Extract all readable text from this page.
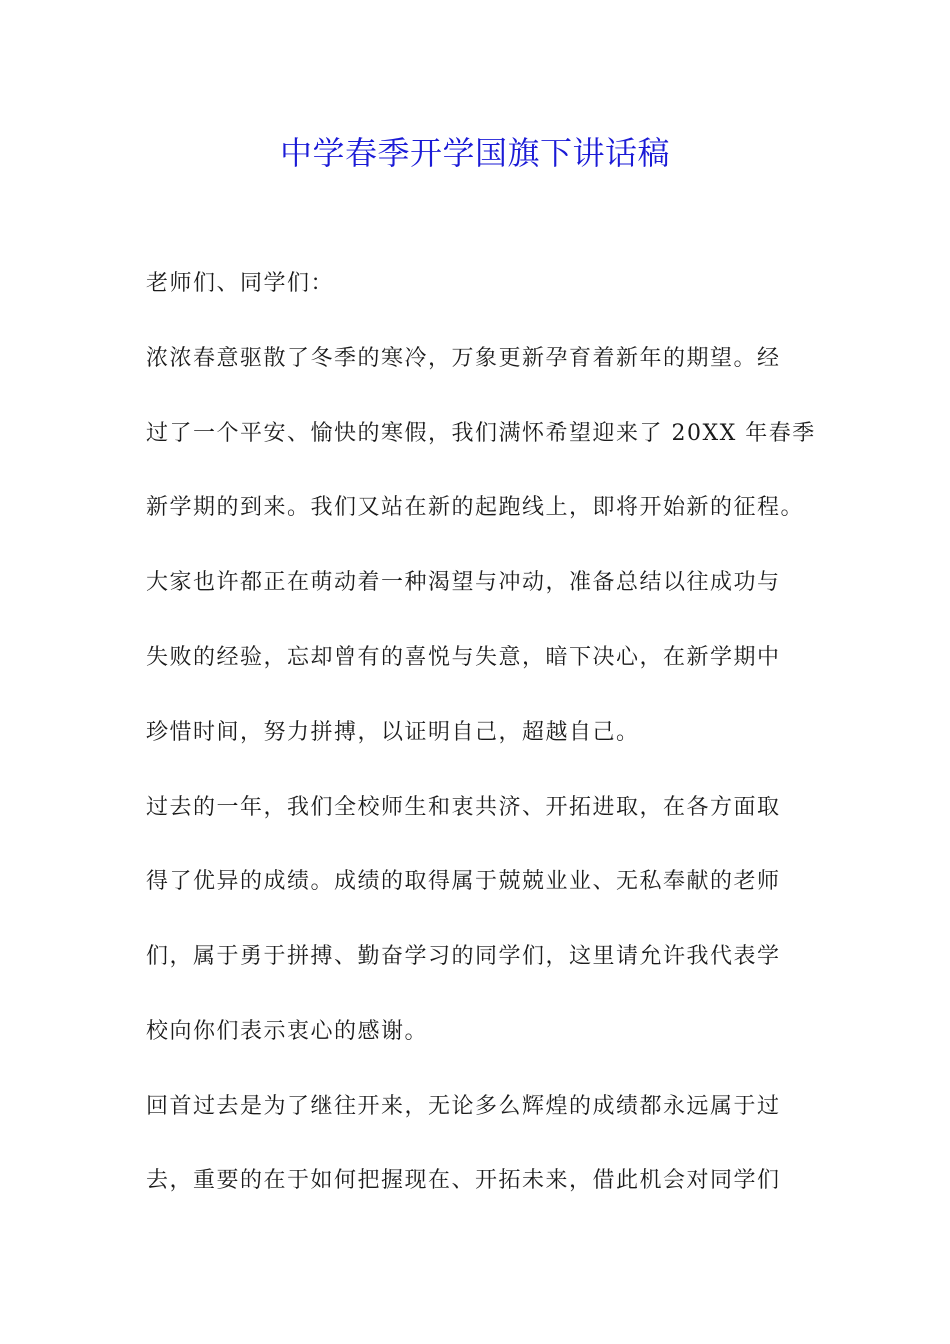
中学春季开学国旗下讲话稿
老师们、同学们：
浓浓春意驱散了冬季的寒冷，万象更新孕育着新年的期望。经
过了一个平安、愉快的寒假，我们满怀希望迎来了 20XX 年春季
新学期的到来。我们又站在新的起跑线上，即将开始新的征程。
大家也许都正在萌动着一种渴望与冲动，准备总结以往成功与
失败的经验，忘却曾有的喜悦与失意，暗下决心，在新学期中
珍惜时间，努力拼搏，以证明自己，超越自己。
过去的一年，我们全校师生和衷共济、开拓进取，在各方面取
得了优异的成绩。成绩的取得属于兢兢业业、无私奉献的老师
们，属于勇于拼搏、勤奋学习的同学们，这里请允许我代表学
校向你们表示衷心的感谢。
回首过去是为了继往开来，无论多么辉煌的成绩都永远属于过
去，重要的在于如何把握现在、开拓未来，借此机会对同学们
